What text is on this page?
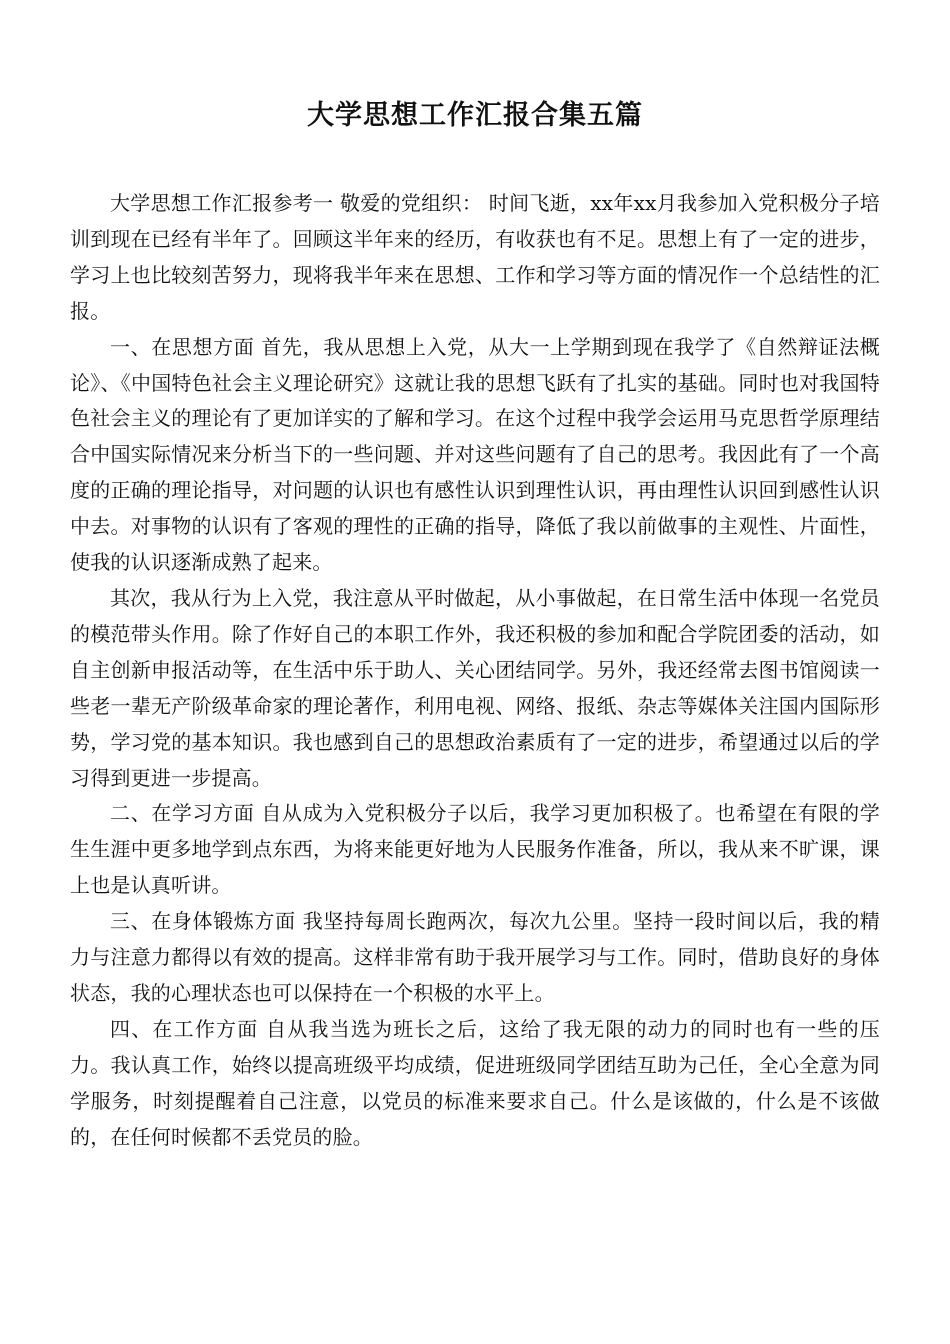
大学思想工作汇报合集五篇

大学思想工作汇报参考一 敬爱的党组织： 时间飞逝，xx年xx月我参加入党积极分子培训到现在已经有半年了。回顾这半年来的经历，有收获也有不足。思想上有了一定的进步，学习上也比较刻苦努力，现将我半年来在思想、工作和学习等方面的情况作一个总结性的汇报。

一、在思想方面 首先，我从思想上入党，从大一上学期到现在我学了《自然辩证法概论》、《中国特色社会主义理论研究》这就让我的思想飞跃有了扎实的基础。同时也对我国特色社会主义的理论有了更加详实的了解和学习。在这个过程中我学会运用马克思哲学原理结合中国实际情况来分析当下的一些问题、并对这些问题有了自己的思考。我因此有了一个高度的正确的理论指导，对问题的认识也有感性认识到理性认识，再由理性认识回到感性认识中去。对事物的认识有了客观的理性的正确的指导，降低了我以前做事的主观性、片面性，使我的认识逐渐成熟了起来。

其次，我从行为上入党，我注意从平时做起，从小事做起，在日常生活中体现一名党员的模范带头作用。除了作好自己的本职工作外，我还积极的参加和配合学院团委的活动，如自主创新申报活动等，在生活中乐于助人、关心团结同学。另外，我还经常去图书馆阅读一些老一辈无产阶级革命家的理论著作，利用电视、网络、报纸、杂志等媒体关注国内国际形势，学习党的基本知识。我也感到自己的思想政治素质有了一定的进步，希望通过以后的学习得到更进一步提高。

二、在学习方面 自从成为入党积极分子以后，我学习更加积极了。也希望在有限的学生生涯中更多地学到点东西，为将来能更好地为人民服务作准备，所以，我从来不旷课，课上也是认真听讲。

三、在身体锻炼方面 我坚持每周长跑两次，每次九公里。坚持一段时间以后，我的精力与注意力都得以有效的提高。这样非常有助于我开展学习与工作。同时，借助良好的身体状态，我的心理状态也可以保持在一个积极的水平上。

四、在工作方面 自从我当选为班长之后，这给了我无限的动力的同时也有一些的压力。我认真工作，始终以提高班级平均成绩，促进班级同学团结互助为己任，全心全意为同学服务，时刻提醒着自己注意，以党员的标准来要求自己。什么是该做的，什么是不该做的，在任何时候都不丢党员的脸。
